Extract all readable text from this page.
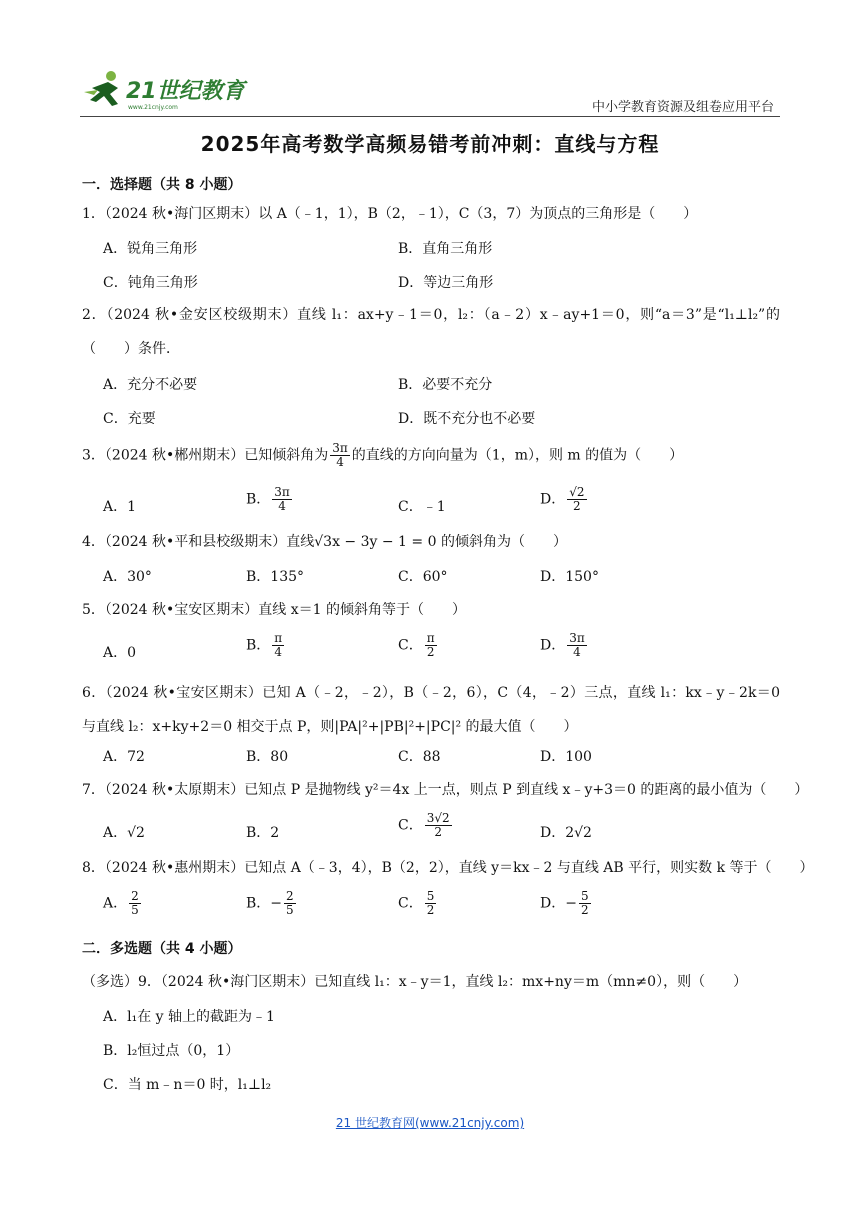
21世纪教育
www.21cnjy.com	中小学教育资源及组卷应用平台
2025年高考数学高频易错考前冲刺：直线与方程
一．选择题（共 8 小题）
1．（2024 秋•海门区期末）以 A（﹣1，1），B（2，﹣1），C（3，7）为顶点的三角形是（　　）
A．锐角三角形	B．直角三角形
C．钝角三角形	D．等边三角形
2．（2024 秋•金安区校级期末）直线 l₁：ax+y﹣1＝0，l₂：（a﹣2）x﹣ay+1＝0，则“a＝3”是“l₁⊥l₂”的（　　）条件．
A．充分不必要	B．必要不充分
C．充要	D．既不充分也不必要
3．（2024 秋•郴州期末）已知倾斜角为 $\frac{3\pi}{4}$ 的直线的方向向量为（1，m），则 m 的值为（　　）
A．1	B． $\frac{3\pi}{4}$	C．﹣1	D． $\frac{√2}{2}$
4．（2024 秋•平和县校级期末）直线√3x − 3y − 1 = 0 的倾斜角为（　　）
A．30°	B．135°	C．60°	D．150°
5．（2024 秋•宝安区期末）直线 x＝1 的倾斜角等于（　　）
A．0	B． $\frac{\pi}{4}$	C． $\frac{\pi}{2}$	D． $\frac{3\pi}{4}$
6．（2024 秋•宝安区期末）已知 A（﹣2，﹣2），B（﹣2，6），C（4，﹣2）三点，直线 l₁：kx﹣y﹣2k＝0 与直线 l₂：x+ky+2＝0 相交于点 P，则|PA|²+|PB|²+|PC|² 的最大值（　　）
A．72	B．80	C．88	D．100
7．（2024 秋•太原期末）已知点 P 是抛物线 y²＝4x 上一点，则点 P 到直线 x﹣y+3＝0 的距离的最小值为（　　）
A．√2	B．2	C． $\frac{3√2}{2}$	D．2√2
8．（2024 秋•惠州期末）已知点 A（﹣3，4），B（2，2），直线 y＝kx﹣2 与直线 AB 平行，则实数 k 等于（　　）
A． $\frac{2}{5}$	B．− $\frac{2}{5}$	C． $\frac{5}{2}$	D．− $\frac{5}{2}$
二．多选题（共 4 小题）
（多选）9．（2024 秋•海门区期末）已知直线 l₁：x﹣y＝1，直线 l₂：mx+ny＝m（mn≠0），则（　　）
A．l₁在 y 轴上的截距为﹣1
B．l₂恒过点（0，1）
C．当 m﹣n＝0 时，l₁⊥l₂
21 世纪教育网(www.21cnjy.com)
